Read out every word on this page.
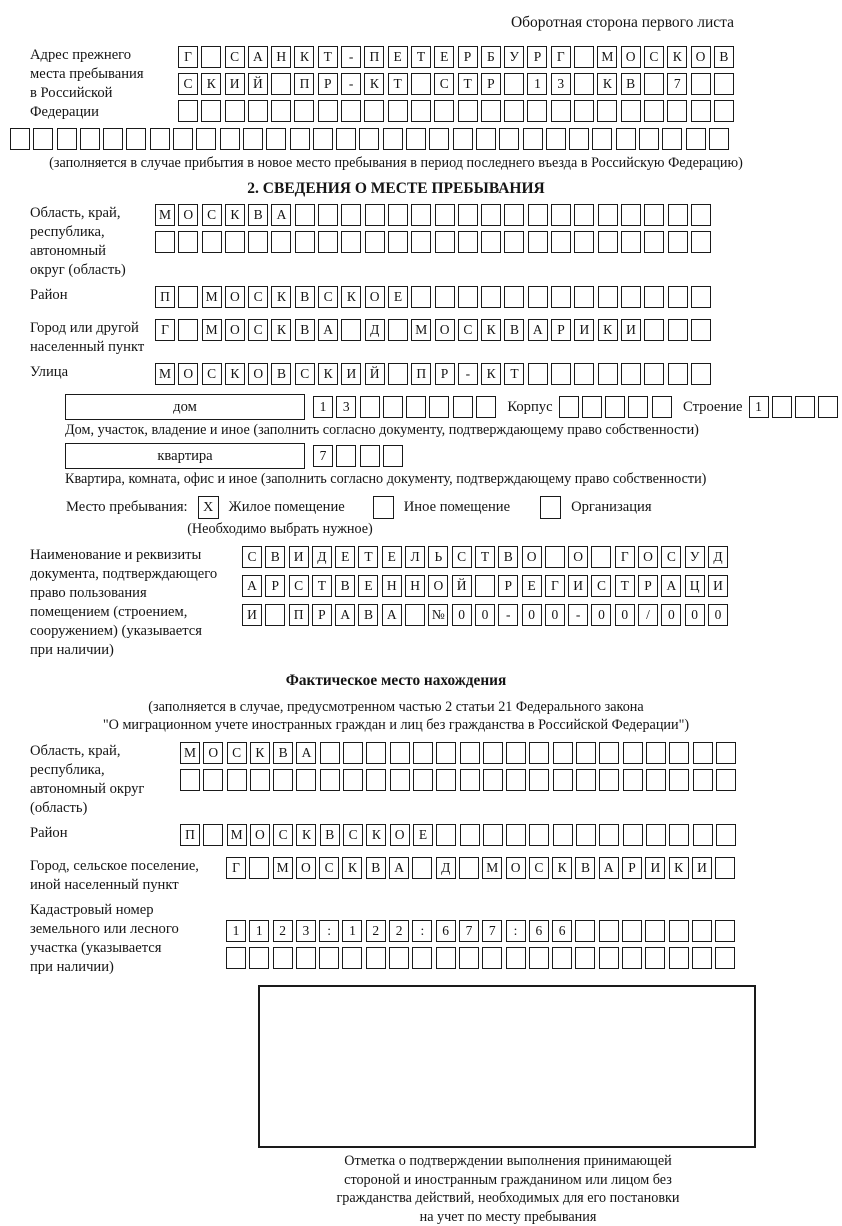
Оборотная сторона первого листа
Адрес прежнего
места пребывания
в Российской
Федерации
Г	С	А	Н	К	Т	-	П	Е	Т	Е	Р	Б	У	Р	Г	М О	С	К	О	В
С	К	И	Й	П	Р	-	К	Т	С	Т	Р	1	3	К	В	7
(заполняется в случае прибытия в новое место пребывания в период последнего въезда в Российскую Федерацию)
2. СВЕДЕНИЯ О МЕСТЕ ПРЕБЫВАНИЯ
Область, край,
республика,
автономный
округ (область)
М О	С	К	В	А
Район	П	М О	С	К	В	С	К	О	Е
Город или другой
населенный пункт
Г	М О	С	К	В	А	Д	М О	С	К	В	А	Р	И	К	И
Улица	М О	С	К	О	В	С	К	И	Й	П	Р	-	К	Т
дом	1	3	Корпус	Строение 1
Дом, участок, владение и иное (заполнить согласно документу, подтверждающему право собственности)
квартира	7
Квартира, комната, офис и иное (заполнить согласно документу, подтверждающему право собственности)
Место пребывания:	X	Жилое помещение	Иное помещение	Организация
(Необходимо выбрать нужное)
Наименование и реквизиты
документа, подтверждающего
право пользования
помещением (строением,
сооружением) (указывается
при наличии)
С	В	И	Д	Е	Т	Е	Л	Ь	С	Т	В	О	О	Г	О	С	У	Д
А	Р	С	Т	В	Е	Н	Н	О	Й	Р	Е	Г	И	С	Т	Р	А	Ц	И
И	П	Р	А	В	А	№ 0	0	-	0	0	-	0	0	/	0	0	0
Фактическое место нахождения
(заполняется в случае, предусмотренном частью 2 статьи 21 Федерального закона
"О миграционном учете иностранных граждан и лиц без гражданства в Российской Федерации")
Область, край,
республика,
автономный округ
(область)
М О	С	К	В	А
Район	П	М О	С	К	В	С	К	О	Е
Город, сельское поселение,
иной населенный пункт
Г	М О	С	К	В	А	Д	М О	С	К	В	А	Р	И	К	И
Кадастровый номер
земельного или лесного
участка (указывается
при наличии)
1	1	2	3	:	1	2	2	:	6	7	7	:	6	6
Отметка о подтверждении выполнения принимающей
стороной и иностранным гражданином или лицом без
гражданства действий, необходимых для его постановки
на учет по месту пребывания
